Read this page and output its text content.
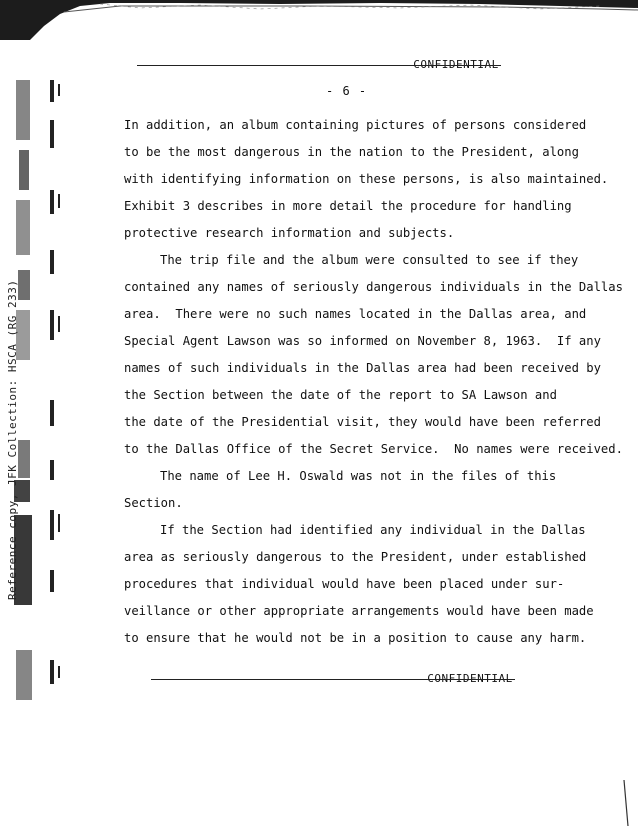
Reference copy, JFK Collection: HSCA (RG 233)
CONFIDENTIAL
- 6 -
In addition, an album containing pictures of persons considered
to be the most dangerous in the nation to the President, along
with identifying information on these persons, is also maintained.
Exhibit 3 describes in more detail the procedure for handling
protective research information and subjects.
The trip file and the album were consulted to see if they
contained any names of seriously dangerous individuals in the Dallas
area.  There were no such names located in the Dallas area, and
Special Agent Lawson was so informed on November 8, 1963.  If any
names of such individuals in the Dallas area had been received by
the Section between the date of the report to SA Lawson and
the date of the Presidential visit, they would have been referred
to the Dallas Office of the Secret Service.  No names were received.
The name of Lee H. Oswald was not in the files of this
Section.
If the Section had identified any individual in the Dallas
area as seriously dangerous to the President, under established
procedures that individual would have been placed under sur-
veillance or other appropriate arrangements would have been made
to ensure that he would not be in a position to cause any harm.
CONFIDENTIAL
